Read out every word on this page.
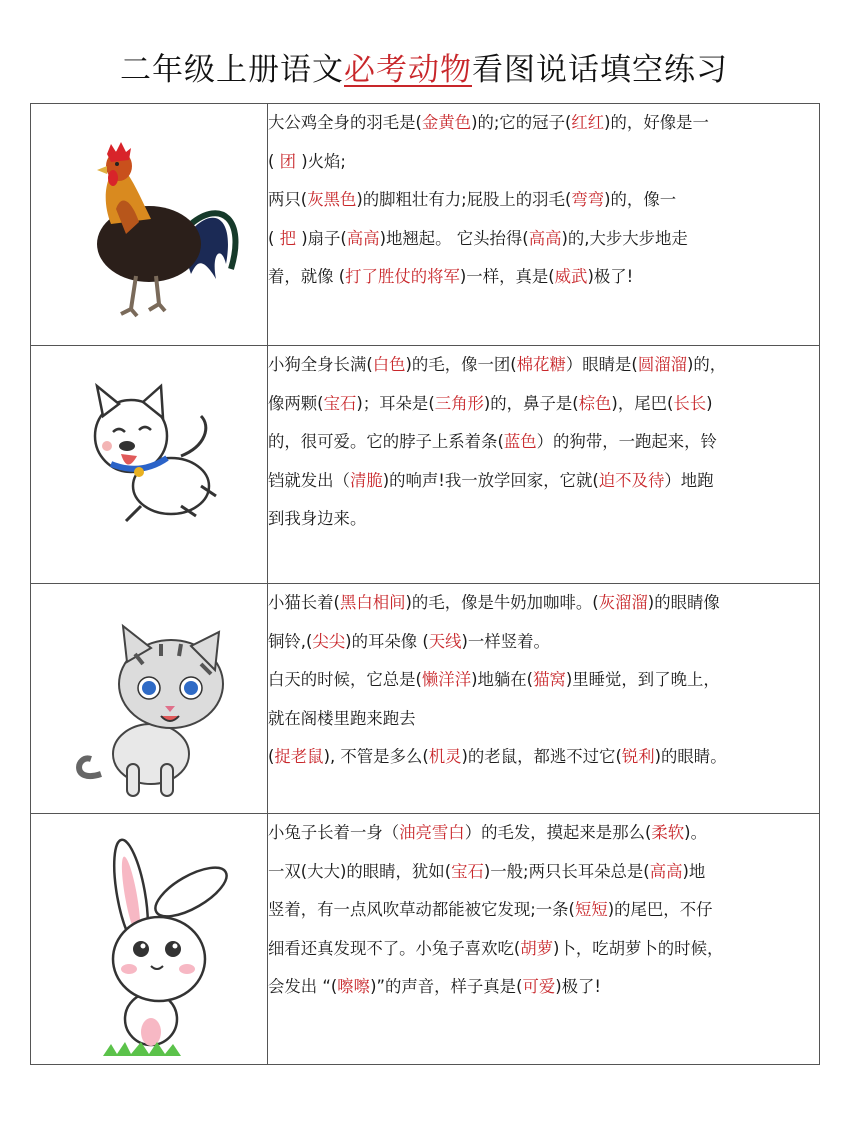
二年级上册语文必考动物看图说话填空练习

大公鸡全身的羽毛是(金黄色)的;它的冠子(红红)的，好像是一
( 团 )火焰;
两只(灰黑色)的脚粗壮有力;屁股上的羽毛(弯弯)的，像一
( 把 )扇子(高高)地翘起。 它头抬得(高高)的,大步大步地走
着，就像 (打了胜仗的将军)一样，真是(威武)极了!

小狗全身长满(白色)的毛，像一团(棉花糖）眼睛是(圆溜溜)的，
像两颗(宝石)；耳朵是(三角形)的，鼻子是(棕色)，尾巴(长长)
的，很可爱。它的脖子上系着条(蓝色）的狗带，一跑起来，铃
铛就发出（清脆)的响声!我一放学回家，它就(迫不及待）地跑
到我身边来。

小猫长着(黑白相间)的毛，像是牛奶加咖啡。(灰溜溜)的眼睛像
铜铃,(尖尖)的耳朵像 (天线)一样竖着。
白天的时候，它总是(懒洋洋)地躺在(猫窝)里睡觉，到了晚上，
就在阁楼里跑来跑去
(捉老鼠), 不管是多么(机灵)的老鼠，都逃不过它(锐利)的眼睛。

小兔子长着一身（油亮雪白）的毛发，摸起来是那么(柔软)。
一双(大大)的眼睛，犹如(宝石)一般;两只长耳朵总是(高高)地
竖着，有一点风吹草动都能被它发现;一条(短短)的尾巴，不仔
细看还真发现不了。小兔子喜欢吃(胡萝)卜，吃胡萝卜的时候，
会发出 “(嚓嚓)”的声音，样子真是(可爱)极了!
